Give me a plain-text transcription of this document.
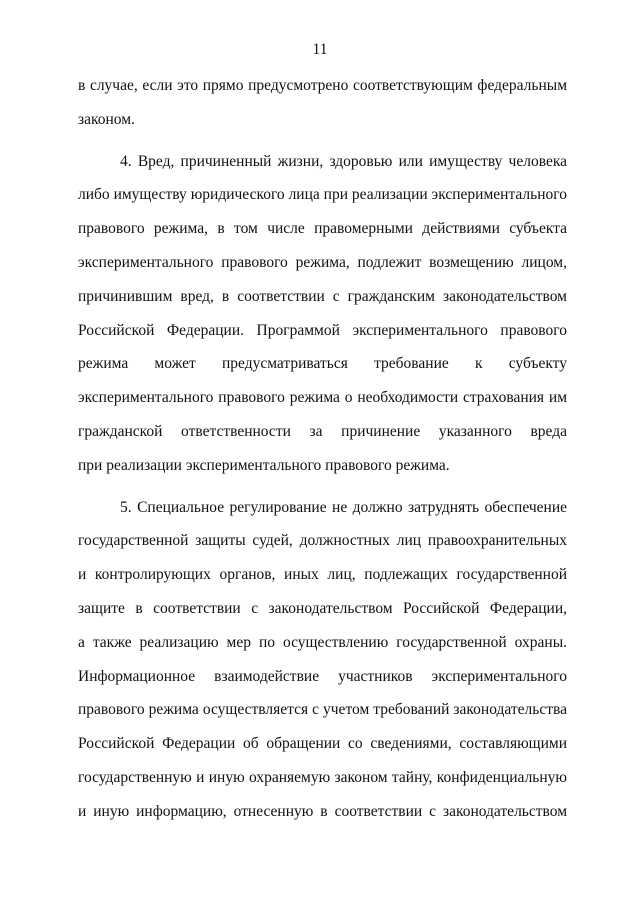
11
в случае, если это прямо предусмотрено соответствующим федеральным
законом.
4. Вред, причиненный жизни, здоровью или имуществу человека
либо имуществу юридического лица при реализации экспериментального
правового режима, в том числе правомерными действиями субъекта
экспериментального правового режима, подлежит возмещению лицом,
причинившим вред, в соответствии с гражданским законодательством
Российской Федерации. Программой экспериментального правового
режима может предусматриваться требование к субъекту
экспериментального правового режима о необходимости страхования им
гражданской ответственности за причинение указанного вреда
при реализации экспериментального правового режима.
5. Специальное регулирование не должно затруднять обеспечение
государственной защиты судей, должностных лиц правоохранительных
и контролирующих органов, иных лиц, подлежащих государственной
защите в соответствии с законодательством Российской Федерации,
а также реализацию мер по осуществлению государственной охраны.
Информационное взаимодействие участников экспериментального
правового режима осуществляется с учетом требований законодательства
Российской Федерации об обращении со сведениями, составляющими
государственную и иную охраняемую законом тайну, конфиденциальную
и иную информацию, отнесенную в соответствии с законодательством
